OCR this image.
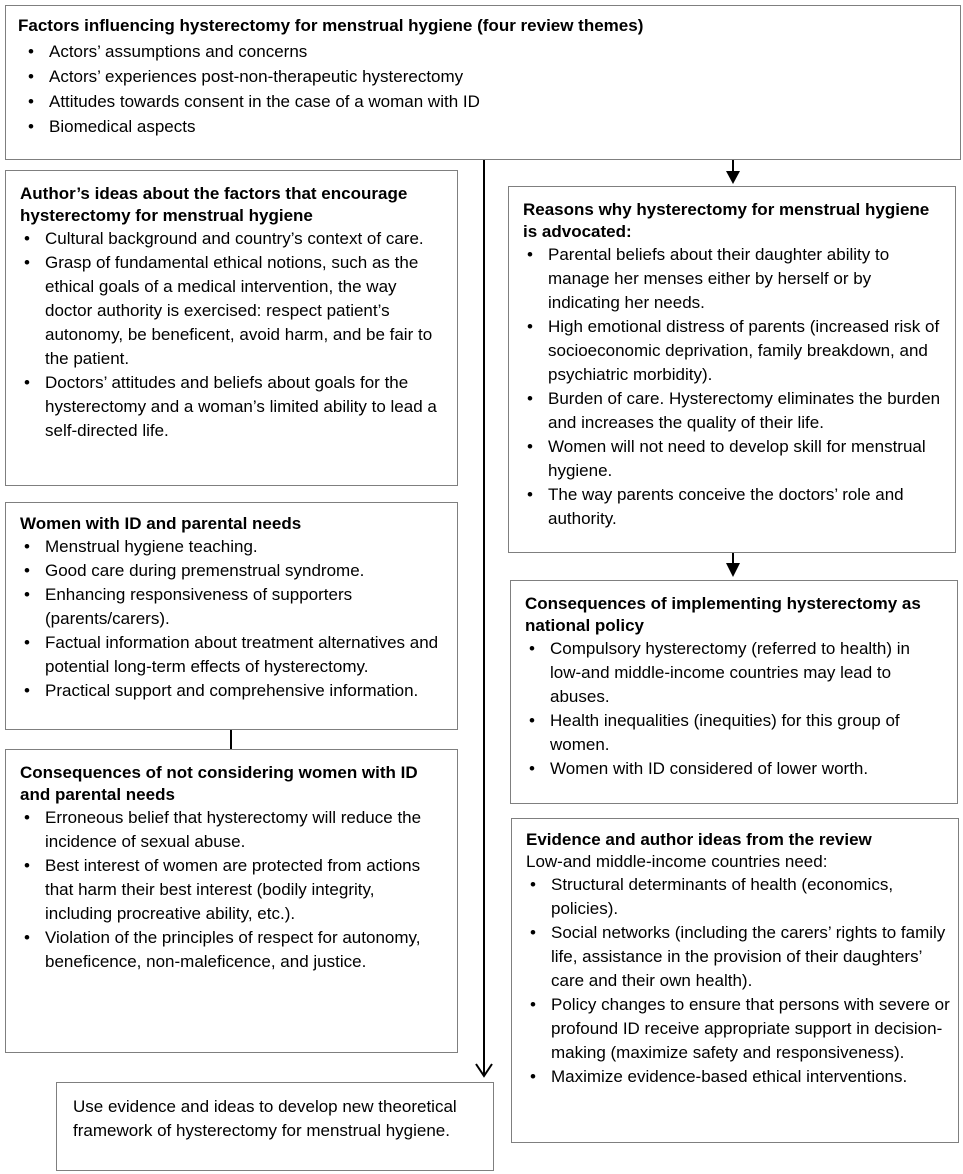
Factors influencing hysterectomy for menstrual hygiene (four review themes)
• Actors’ assumptions and concerns
• Actors’ experiences post-non-therapeutic hysterectomy
• Attitudes towards consent in the case of a woman with ID
• Biomedical aspects
Author’s ideas about the factors that encourage hysterectomy for menstrual hygiene
• Cultural background and country’s context of care.
• Grasp of fundamental ethical notions, such as the ethical goals of a medical intervention, the way doctor authority is exercised: respect patient’s autonomy, be beneficent, avoid harm, and be fair to the patient.
• Doctors’ attitudes and beliefs about goals for the hysterectomy and a woman’s limited ability to lead a self-directed life.
Women with ID and parental needs
• Menstrual hygiene teaching.
• Good care during premenstrual syndrome.
• Enhancing responsiveness of supporters (parents/carers).
• Factual information about treatment alternatives and potential long-term effects of hysterectomy.
• Practical support and comprehensive information.
Consequences of not considering women with ID and parental needs
• Erroneous belief that hysterectomy will reduce the incidence of sexual abuse.
• Best interest of women are protected from actions that harm their best interest (bodily integrity, including procreative ability, etc.).
• Violation of the principles of respect for autonomy, beneficence, non-maleficence, and justice.
Reasons why hysterectomy for menstrual hygiene is advocated:
• Parental beliefs about their daughter ability to manage her menses either by herself or by indicating her needs.
• High emotional distress of parents (increased risk of socioeconomic deprivation, family breakdown, and psychiatric morbidity).
• Burden of care. Hysterectomy eliminates the burden and increases the quality of their life.
• Women will not need to develop skill for menstrual hygiene.
• The way parents conceive the doctors’ role and authority.
Consequences of implementing hysterectomy as national policy
• Compulsory hysterectomy (referred to health) in low-and middle-income countries may lead to abuses.
• Health inequalities (inequities) for this group of women.
• Women with ID considered of lower worth.
Evidence and author ideas from the review
Low-and middle-income countries need:
• Structural determinants of health (economics, policies).
• Social networks (including the carers’ rights to family life, assistance in the provision of their daughters’ care and their own health).
• Policy changes to ensure that persons with severe or profound ID receive appropriate support in decision-making (maximize safety and responsiveness).
• Maximize evidence-based ethical interventions.
Use evidence and ideas to develop new theoretical framework of hysterectomy for menstrual hygiene.
